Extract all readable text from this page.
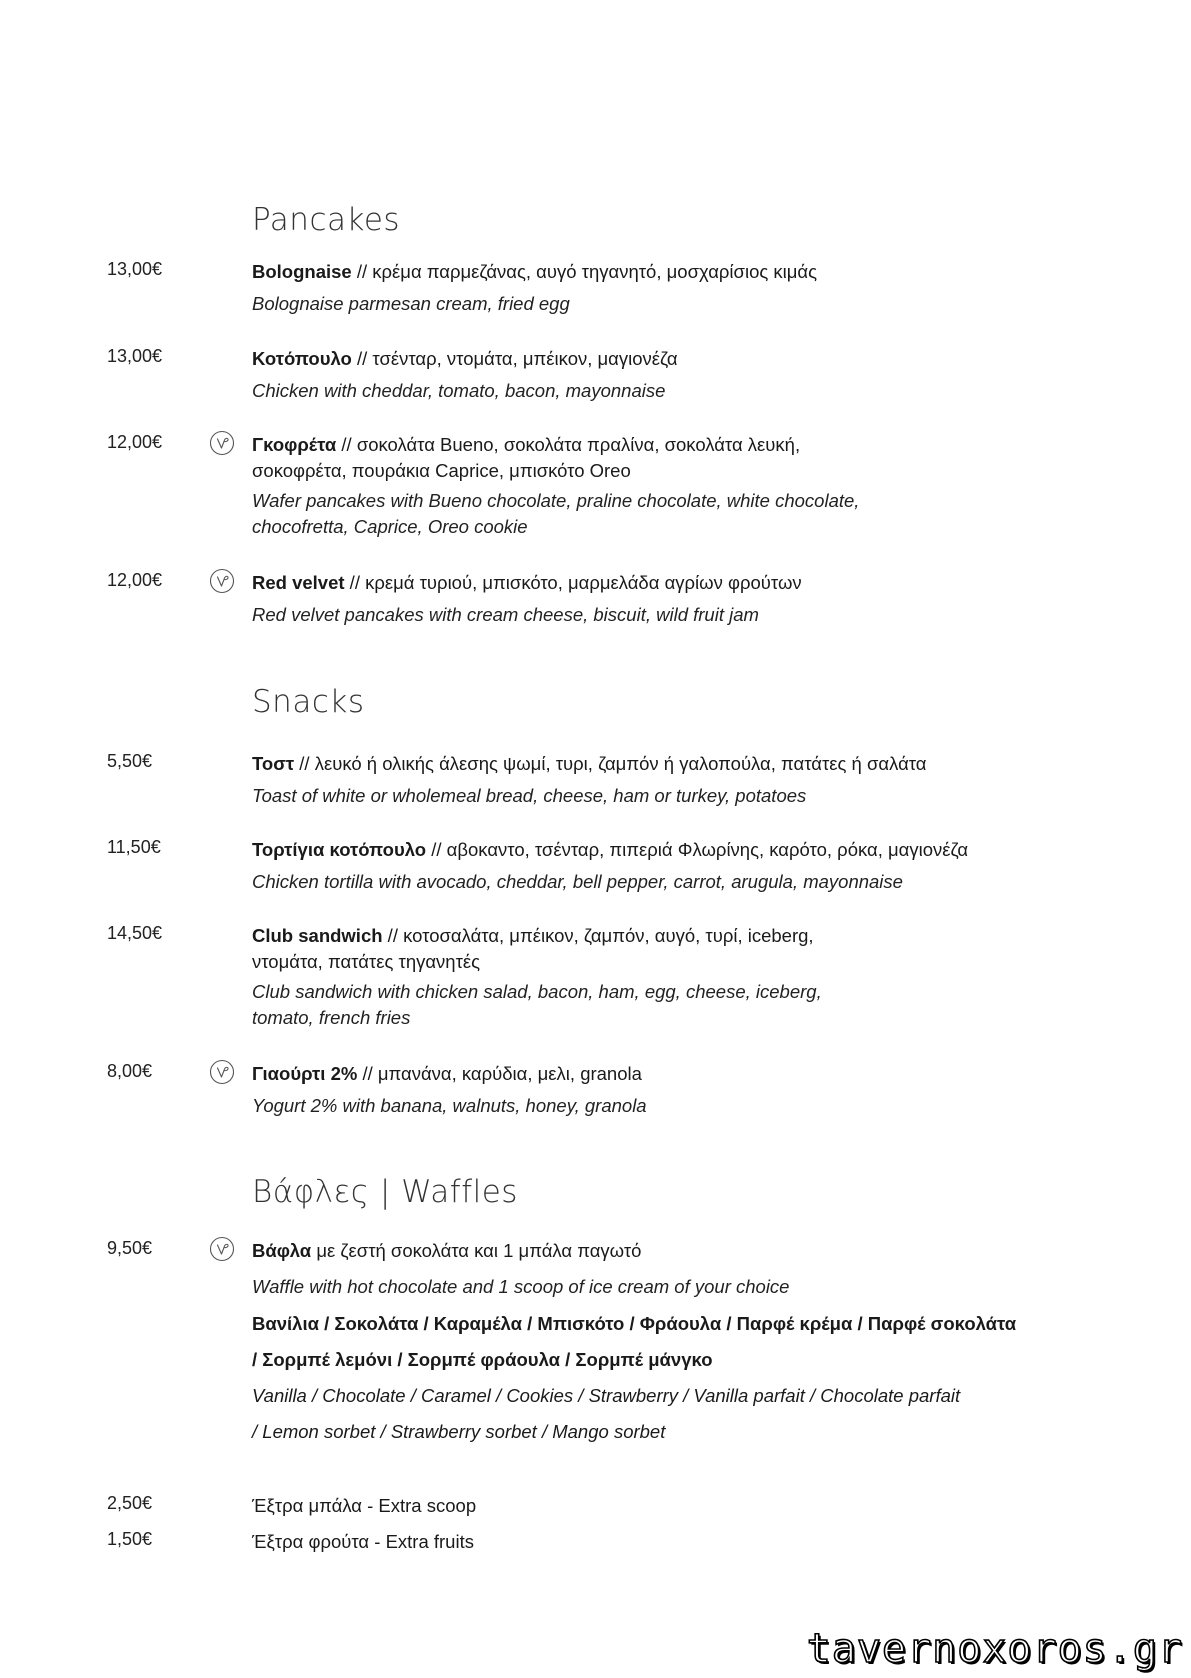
Pancakes
13,00€	Bolognaise // κρέμα παρμεζάνας, αυγό τηγανητό, μοσχαρίσιος κιμάς
Bolognaise parmesan cream, fried egg
13,00€	Κοτόπουλο // τσένταρ, ντομάτα, μπέικον, μαγιονέζα
Chicken with cheddar, tomato, bacon, mayonnaise
12,00€	Γκοφρέτα // σοκολάτα Bueno, σοκολάτα πραλίνα, σοκολάτα λευκή,
σοκοφρέτα, πουράκια Caprice, μπισκότο Oreo
Wafer pancakes with Bueno chocolate, praline chocolate, white chocolate,
chocofretta, Caprice, Oreo cookie
12,00€	Red velvet // κρεμά τυριού, μπισκότο, μαρμελάδα αγρίων φρούτων
Red velvet pancakes with cream cheese, biscuit, wild fruit jam
Snacks
5,50€	Τοστ // λευκό ή ολικής άλεσης ψωμί, τυρι, ζαμπόν ή γαλοπούλα, πατάτες ή σαλάτα
Toast of white or wholemeal bread, cheese, ham or turkey, potatoes
11,50€	Τορτίγια κοτόπουλο // αβοκαντο, τσένταρ, πιπεριά Φλωρίνης, καρότο, ρόκα, μαγιονέζα
Chicken tortilla with avocado, cheddar, bell pepper, carrot, arugula, mayonnaise
14,50€	Club sandwich // κοτοσαλάτα, μπέικον, ζαμπόν, αυγό, τυρί, iceberg,
ντομάτα, πατάτες τηγανητές
Club sandwich with chicken salad, bacon, ham, egg, cheese, iceberg,
tomato, french fries
8,00€	Γιαούρτι 2% // μπανάνα, καρύδια, μελι, granola
Yogurt 2% with banana, walnuts, honey, granola
Βάφλες | Waffles
9,50€	Βάφλα με ζεστή σοκολάτα και 1 μπάλα παγωτό
Waffle with hot chocolate and 1 scoop of ice cream of your choice
Βανίλια / Σοκολάτα / Καραμέλα / Μπισκότο / Φράουλα / Παρφέ κρέμα / Παρφέ σοκολάτα
/ Σορμπέ λεμόνι / Σορμπέ φράουλα / Σορμπέ μάνγκο
Vanilla / Chocolate / Caramel / Cookies / Strawberry / Vanilla parfait / Chocolate parfait
/ Lemon sorbet / Strawberry sorbet / Mango sorbet
2,50€	Έξτρα μπάλα - Extra scoop
1,50€	Έξτρα φρούτα - Extra fruits
tavernoxoros.gr
